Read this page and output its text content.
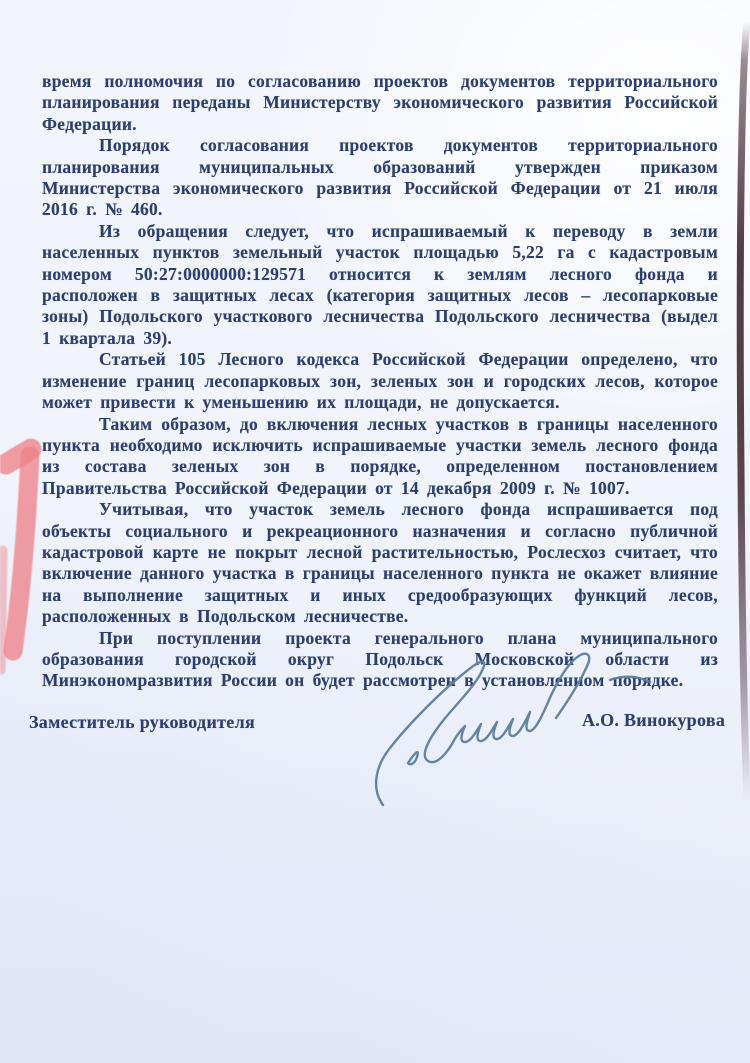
время полномочия по согласованию проектов документов территориального планирования переданы Министерству экономического развития Российской Федерации.

Порядок согласования проектов документов территориального планирования муниципальных образований утвержден приказом Министерства экономического развития Российской Федерации от 21 июля 2016 г. № 460.

Из обращения следует, что испрашиваемый к переводу в земли населенных пунктов земельный участок площадью 5,22 га с кадастровым номером 50:27:0000000:129571 относится к землям лесного фонда и расположен в защитных лесах (категория защитных лесов – лесопарковые зоны) Подольского участкового лесничества Подольского лесничества (выдел 1 квартала 39).

Статьей 105 Лесного кодекса Российской Федерации определено, что изменение границ лесопарковых зон, зеленых зон и городских лесов, которое может привести к уменьшению их площади, не допускается.

Таким образом, до включения лесных участков в границы населенного пункта необходимо исключить испрашиваемые участки земель лесного фонда из состава зеленых зон в порядке, определенном постановлением Правительства Российской Федерации от 14 декабря 2009 г. № 1007.

Учитывая, что участок земель лесного фонда испрашивается под объекты социального и рекреационного назначения и согласно публичной кадастровой карте не покрыт лесной растительностью, Рослесхоз считает, что включение данного участка в границы населенного пункта не окажет влияние на выполнение защитных и иных средообразующих функций лесов, расположенных в Подольском лесничестве.

При поступлении проекта генерального плана муниципального образования городской округ Подольск Московской области из Минэкономразвития России он будет рассмотрен в установленном порядке.

Заместитель руководителя	А.О. Винокурова
